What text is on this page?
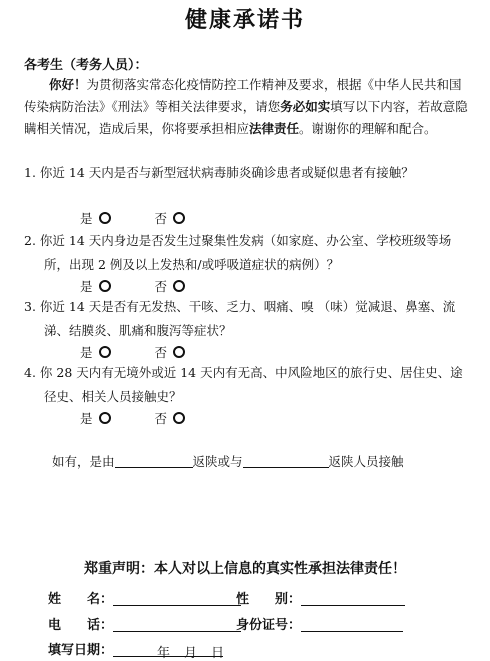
健康承诺书
各考生（考务人员）：
你好！为贯彻落实常态化疫情防控工作精神及要求，根据《中华人民共和国传染病防治法》《刑法》等相关法律要求，请您务必如实填写以下内容，若故意隐瞒相关情况，造成后果，你将要承担相应法律责任。谢谢你的理解和配合。
1. 你近 14 天内是否与新型冠状病毒肺炎确诊患者或疑似患者有接触？
是	否
2. 你近 14 天内身边是否发生过聚集性发病（如家庭、办公室、学校班级等场所，出现 2 例及以上发热和/或呼吸道症状的病例）？
是	否
3. 你近 14 天是否有无发热、干咳、乏力、咽痛、嗅 （味）觉减退、鼻塞、流涕、结膜炎、肌痛和腹泻等症状？
是	否
4. 你 28 天内有无境外或近 14 天内有无高、中风险地区的旅行史、居住史、途径史、相关人员接触史？
是	否
如有，是由	返陕或与	返陕人员接触
郑重声明：本人对以上信息的真实性承担法律责任！
姓　　名：	性　　别：
电　　话：	身份证号：
填写日期：	年 月 日
